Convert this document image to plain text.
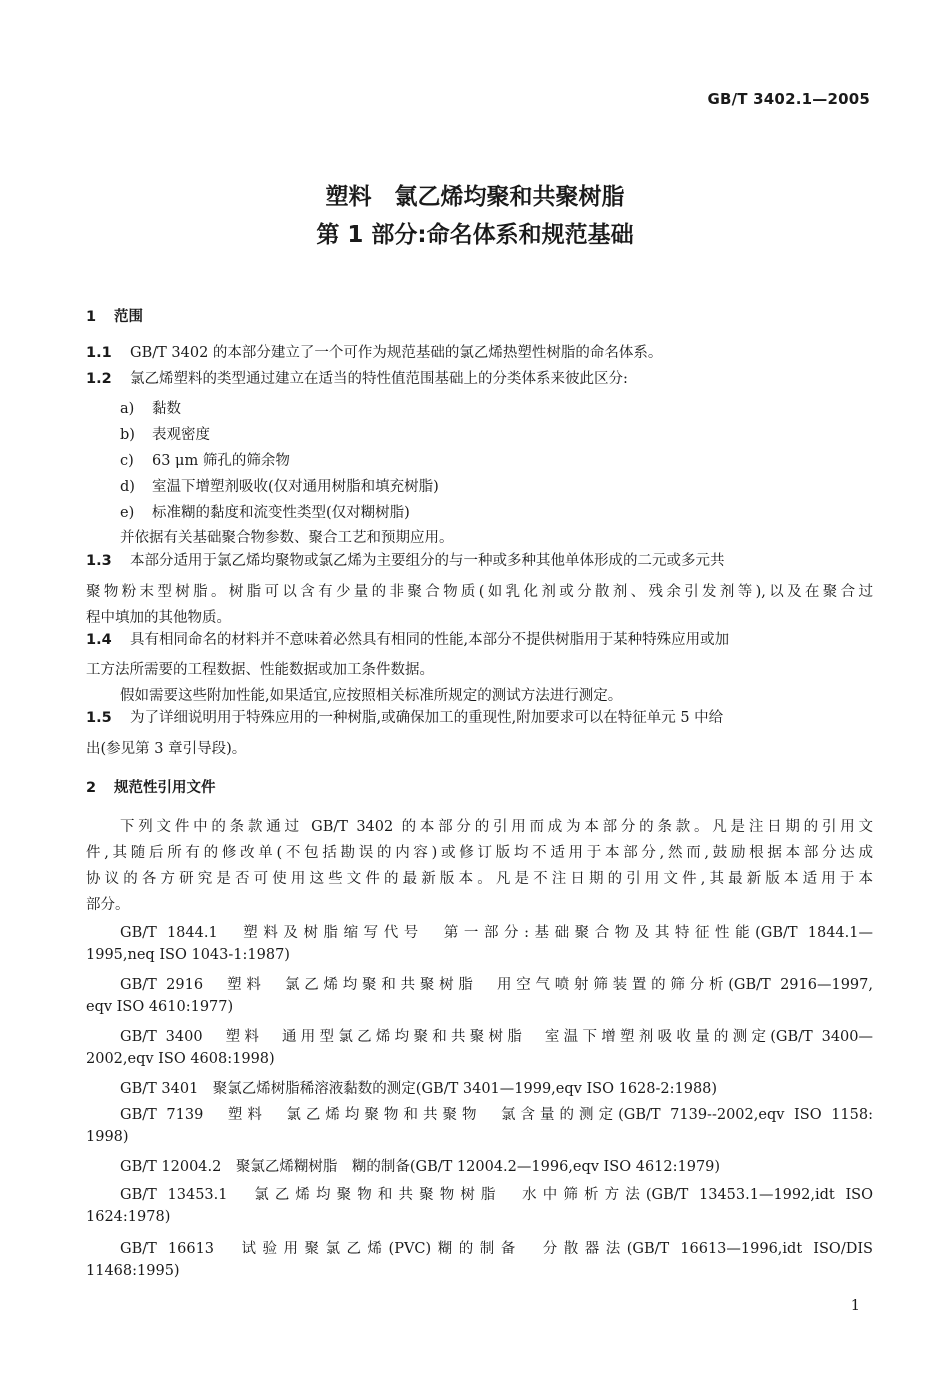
GB/T 3402.1—2005
塑料　氯乙烯均聚和共聚树脂
第 1 部分:命名体系和规范基础
1 范围
1.1 GB/T 3402 的本部分建立了一个可作为规范基础的氯乙烯热塑性树脂的命名体系。
1.2 氯乙烯塑料的类型通过建立在适当的特性值范围基础上的分类体系来彼此区分:
a) 黏数
b) 表观密度
c) 63 μm 筛孔的筛余物
d) 室温下增塑剂吸收(仅对通用树脂和填充树脂)
e) 标准糊的黏度和流变性类型(仅对糊树脂)
并依据有关基础聚合物参数、聚合工艺和预期应用。
1.3 本部分适用于氯乙烯均聚物或氯乙烯为主要组分的与一种或多种其他单体形成的二元或多元共
聚物粉末型树脂。树脂可以含有少量的非聚合物质(如乳化剂或分散剂、残余引发剂等),以及在聚合过
程中填加的其他物质。
1.4 具有相同命名的材料并不意味着必然具有相同的性能,本部分不提供树脂用于某种特殊应用或加
工方法所需要的工程数据、性能数据或加工条件数据。
假如需要这些附加性能,如果适宜,应按照相关标准所规定的测试方法进行测定。
1.5 为了详细说明用于特殊应用的一种树脂,或确保加工的重现性,附加要求可以在特征单元 5 中给
出(参见第 3 章引导段)。
2 规范性引用文件
下列文件中的条款通过 GB/T 3402 的本部分的引用而成为本部分的条款。凡是注日期的引用文
件,其随后所有的修改单(不包括勘误的内容)或修订版均不适用于本部分,然而,鼓励根据本部分达成
协议的各方研究是否可使用这些文件的最新版本。凡是不注日期的引用文件,其最新版本适用于本
部分。
GB/T 1844.1　塑料及树脂缩写代号　第一部分:基础聚合物及其特征性能(GB/T 1844.1—
1995,neq ISO 1043-1:1987)
GB/T 2916　塑料　氯乙烯均聚和共聚树脂　用空气喷射筛装置的筛分析(GB/T 2916—1997,
eqv ISO 4610:1977)
GB/T 3400　塑料　通用型氯乙烯均聚和共聚树脂　室温下增塑剂吸收量的测定(GB/T 3400—
2002,eqv ISO 4608:1998)
GB/T 3401　聚氯乙烯树脂稀溶液黏数的测定(GB/T 3401—1999,eqv ISO 1628-2:1988)
GB/T 7139　塑料　氯乙烯均聚物和共聚物　氯含量的测定(GB/T 7139--2002,eqv ISO 1158:
1998)
GB/T 12004.2　聚氯乙烯糊树脂　糊的制备(GB/T 12004.2—1996,eqv ISO 4612:1979)
GB/T 13453.1　氯乙烯均聚物和共聚物树脂　水中筛析方法(GB/T 13453.1—1992,idt ISO
1624:1978)
GB/T 16613　试验用聚氯乙烯(PVC)糊的制备　分散器法(GB/T 16613—1996,idt ISO/DIS
11468:1995)
1
